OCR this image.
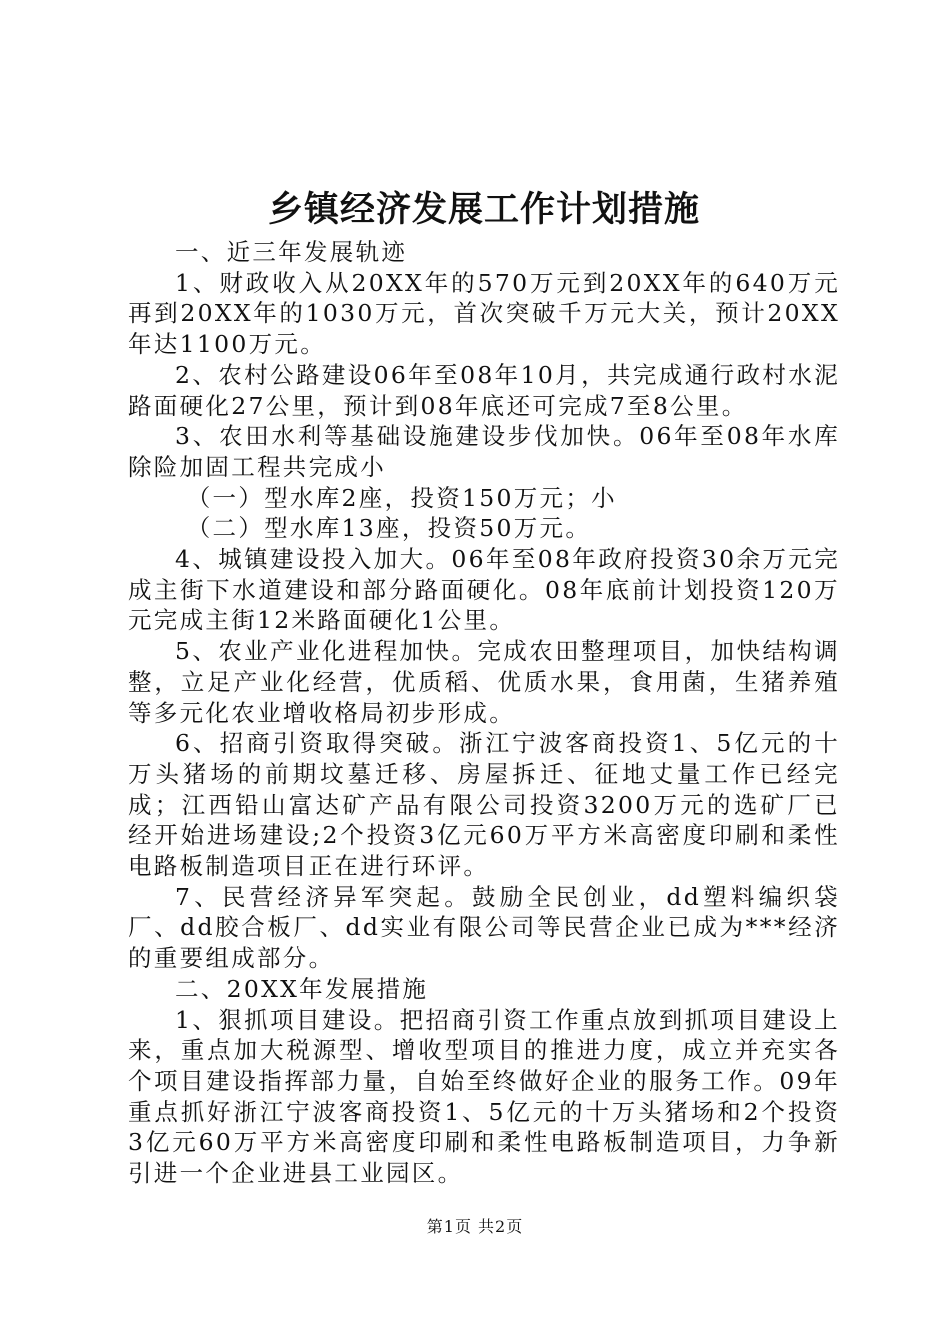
乡镇经济发展工作计划措施

一、近三年发展轨迹

1、财政收入从20XX年的570万元到20XX年的640万元再到20XX年的1030万元，首次突破千万元大关，预计20XX年达1100万元。

2、农村公路建设06年至08年10月，共完成通行政村水泥路面硬化27公里，预计到08年底还可完成7至8公里。

3、农田水利等基础设施建设步伐加快。06年至08年水库除险加固工程共完成小

（一）型水库2座，投资150万元；小

（二）型水库13座，投资50万元。

4、城镇建设投入加大。06年至08年政府投资30余万元完成主街下水道建设和部分路面硬化。08年底前计划投资120万元完成主街12米路面硬化1公里。

5、农业产业化进程加快。完成农田整理项目，加快结构调整，立足产业化经营，优质稻、优质水果，食用菌，生猪养殖等多元化农业增收格局初步形成。

6、招商引资取得突破。浙江宁波客商投资1、5亿元的十万头猪场的前期坟墓迁移、房屋拆迁、征地丈量工作已经完成；江西铅山富达矿产品有限公司投资3200万元的选矿厂已经开始进场建设;2个投资3亿元60万平方米高密度印刷和柔性电路板制造项目正在进行环评。

7、民营经济异军突起。鼓励全民创业，dd塑料编织袋厂、dd胶合板厂、dd实业有限公司等民营企业已成为***经济的重要组成部分。

二、20XX年发展措施

1、狠抓项目建设。把招商引资工作重点放到抓项目建设上来，重点加大税源型、增收型项目的推进力度，成立并充实各个项目建设指挥部力量，自始至终做好企业的服务工作。09年重点抓好浙江宁波客商投资1、5亿元的十万头猪场和2个投资3亿元60万平方米高密度印刷和柔性电路板制造项目，力争新引进一个企业进县工业园区。

第1页 共2页
